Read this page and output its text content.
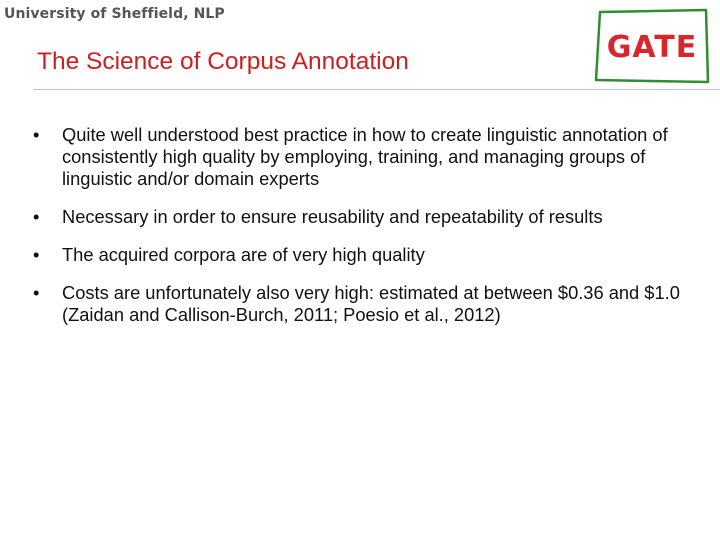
University of Sheffield, NLP
GATE
The Science of Corpus Annotation
• Quite well understood best practice in how to create linguistic annotation of consistently high quality by employing, training, and managing groups of linguistic and/or domain experts
• Necessary in order to ensure reusability and repeatability of results
• The acquired corpora are of very high quality
• Costs are unfortunately also very high: estimated at between $0.36 and $1.0 (Zaidan and Callison-Burch, 2011; Poesio et al., 2012)
